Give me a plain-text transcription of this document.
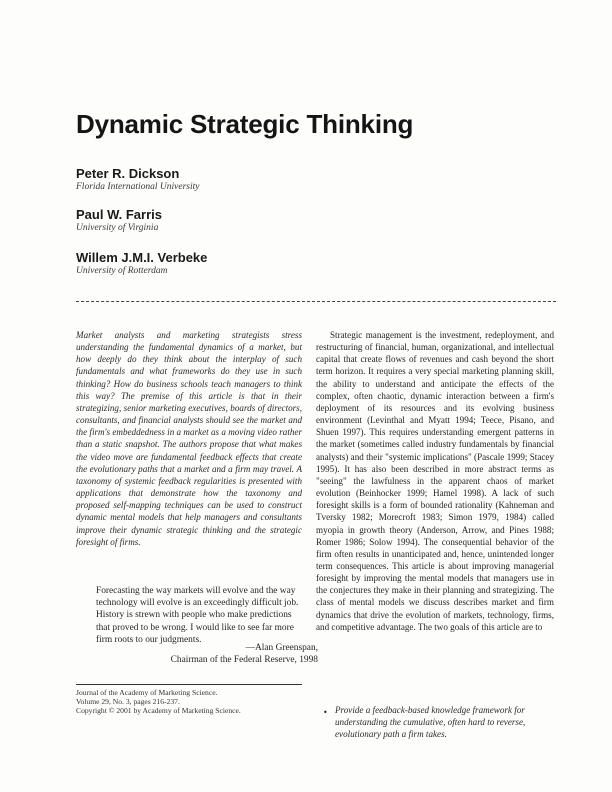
Dynamic Strategic Thinking
Peter R. Dickson
Florida International University
Paul W. Farris
University of Virginia
Willem J.M.I. Verbeke
University of Rotterdam

Market analysts and marketing strategists stress understanding the fundamental dynamics of a market, but how deeply do they think about the interplay of such fundamentals and what frameworks do they use in such thinking? How do business schools teach managers to think this way? The premise of this article is that in their strategizing, senior marketing executives, boards of directors, consultants, and financial analysts should see the market and the firm's embeddedness in a market as a moving video rather than a static snapshot. The authors propose that what makes the video move are fundamental feedback effects that create the evolutionary paths that a market and a firm may travel. A taxonomy of systemic feedback regularities is presented with applications that demonstrate how the taxonomy and proposed self-mapping techniques can be used to construct dynamic mental models that help managers and consultants improve their dynamic strategic thinking and the strategic foresight of firms.

Forecasting the way markets will evolve and the way technology will evolve is an exceedingly difficult job. History is strewn with people who make predictions that proved to be wrong. I would like to see far more firm roots to our judgments.

—Alan Greenspan,

Chairman of the Federal Reserve, 1998

Journal of the Academy of Marketing Science.

Volume 29, No. 3, pages 216-237.

Copyright © 2001 by Academy of Marketing Science.

Strategic management is the investment, redeployment, and restructuring of financial, human, organizational, and intellectual capital that create flows of revenues and cash beyond the short term horizon. It requires a very special marketing planning skill, the ability to understand and anticipate the effects of the complex, often chaotic, dynamic interaction between a firm's deployment of its resources and its evolving business environment (Levinthal and Myatt 1994; Teece, Pisano, and Shuen 1997). This requires understanding emergent patterns in the market (sometimes called industry fundamentals by financial analysts) and their "systemic implications" (Pascale 1999; Stacey 1995). It has also been described in more abstract terms as "seeing" the lawfulness in the apparent chaos of market evolution (Beinhocker 1999; Hamel 1998). A lack of such foresight skills is a form of bounded rationality (Kahneman and Tversky 1982; Morecroft 1983; Simon 1979, 1984) called myopia in growth theory (Anderson, Arrow, and Pines 1988; Romer 1986; Solow 1994). The consequential behavior of the firm often results in unanticipated and, hence, unintended longer term consequences. This article is about improving managerial foresight by improving the mental models that managers use in the conjectures they make in their planning and strategizing. The class of mental models we discuss describes market and firm dynamics that drive the evolution of markets, technology, firms, and competitive advantage. The two goals of this article are to

• Provide a feedback-based knowledge framework for understanding the cumulative, often hard to reverse, evolutionary path a firm takes.
